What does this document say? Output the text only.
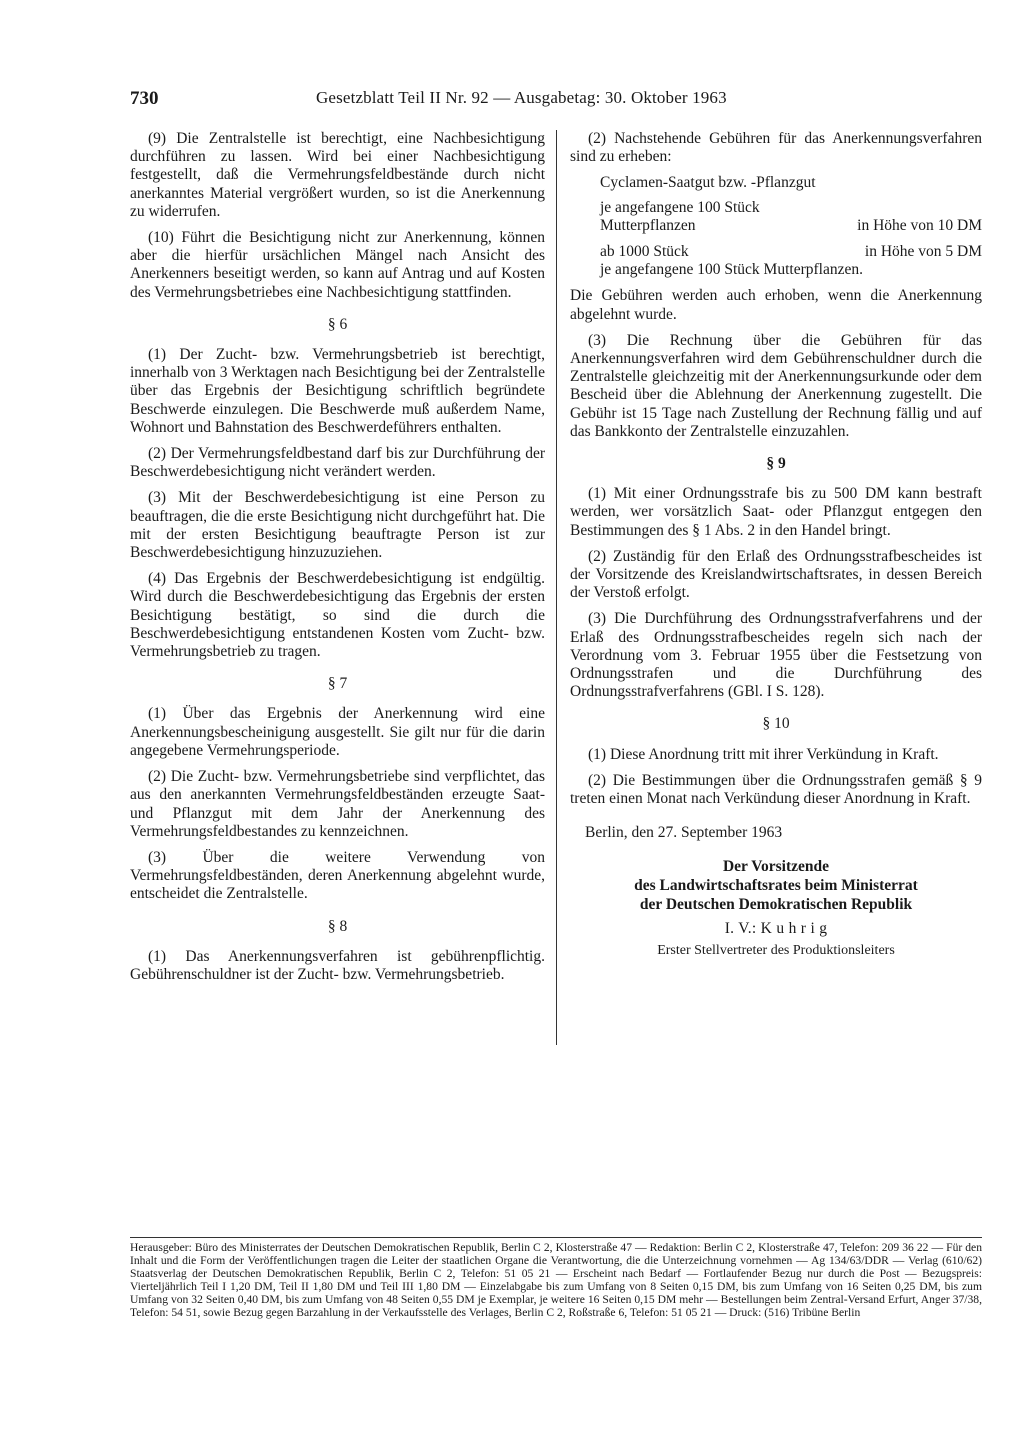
730	Gesetzblatt Teil II Nr. 92 — Ausgabetag: 30. Oktober 1963

(9) Die Zentralstelle ist berechtigt, eine Nachbesichtigung durchführen zu lassen. Wird bei einer Nachbesichtigung festgestellt, daß die Vermehrungsfeldbestände durch nicht anerkanntes Material vergrößert wurden, so ist die Anerkennung zu widerrufen.

(10) Führt die Besichtigung nicht zur Anerkennung, können aber die hierfür ursächlichen Mängel nach Ansicht des Anerkenners beseitigt werden, so kann auf Antrag und auf Kosten des Vermehrungsbetriebes eine Nachbesichtigung stattfinden.

§ 6

(1) Der Zucht- bzw. Vermehrungsbetrieb ist berechtigt, innerhalb von 3 Werktagen nach Besichtigung bei der Zentralstelle über das Ergebnis der Besichtigung schriftlich begründete Beschwerde einzulegen. Die Beschwerde muß außerdem Name, Wohnort und Bahnstation des Beschwerdeführers enthalten.

(2) Der Vermehrungsfeldbestand darf bis zur Durchführung der Beschwerdebesichtigung nicht verändert werden.

(3) Mit der Beschwerdebesichtigung ist eine Person zu beauftragen, die die erste Besichtigung nicht durchgeführt hat. Die mit der ersten Besichtigung beauftragte Person ist zur Beschwerdebesichtigung hinzuzuziehen.

(4) Das Ergebnis der Beschwerdebesichtigung ist endgültig. Wird durch die Beschwerdebesichtigung das Ergebnis der ersten Besichtigung bestätigt, so sind die durch die Beschwerdebesichtigung entstandenen Kosten vom Zucht- bzw. Vermehrungsbetrieb zu tragen.

§ 7

(1) Über das Ergebnis der Anerkennung wird eine Anerkennungsbescheinigung ausgestellt. Sie gilt nur für die darin angegebene Vermehrungsperiode.

(2) Die Zucht- bzw. Vermehrungsbetriebe sind verpflichtet, das aus den anerkannten Vermehrungsfeldbeständen erzeugte Saat- und Pflanzgut mit dem Jahr der Anerkennung des Vermehrungsfeldbestandes zu kennzeichnen.

(3) Über die weitere Verwendung von Vermehrungsfeldbeständen, deren Anerkennung abgelehnt wurde, entscheidet die Zentralstelle.

§ 8

(1) Das Anerkennungsverfahren ist gebührenpflichtig. Gebührenschuldner ist der Zucht- bzw. Vermehrungsbetrieb.

(2) Nachstehende Gebühren für das Anerkennungsverfahren sind zu erheben:

Cyclamen-Saatgut bzw. -Pflanzgut
je angefangene 100 Stück
Mutterpflanzen	in Höhe von 10 DM
ab 1000 Stück	in Höhe von 5 DM
je angefangene 100 Stück Mutterpflanzen.

Die Gebühren werden auch erhoben, wenn die Anerkennung abgelehnt wurde.

(3) Die Rechnung über die Gebühren für das Anerkennungsverfahren wird dem Gebührenschuldner durch die Zentralstelle gleichzeitig mit der Anerkennungsurkunde oder dem Bescheid über die Ablehnung der Anerkennung zugestellt. Die Gebühr ist 15 Tage nach Zustellung der Rechnung fällig und auf das Bankkonto der Zentralstelle einzuzahlen.

§ 9

(1) Mit einer Ordnungsstrafe bis zu 500 DM kann bestraft werden, wer vorsätzlich Saat- oder Pflanzgut entgegen den Bestimmungen des § 1 Abs. 2 in den Handel bringt.

(2) Zuständig für den Erlaß des Ordnungsstrafbescheides ist der Vorsitzende des Kreislandwirtschaftsrates, in dessen Bereich der Verstoß erfolgt.

(3) Die Durchführung des Ordnungsstrafverfahrens und der Erlaß des Ordnungsstrafbescheides regeln sich nach der Verordnung vom 3. Februar 1955 über die Festsetzung von Ordnungsstrafen und die Durchführung des Ordnungsstrafverfahrens (GBl. I S. 128).

§ 10

(1) Diese Anordnung tritt mit ihrer Verkündung in Kraft.

(2) Die Bestimmungen über die Ordnungsstrafen gemäß § 9 treten einen Monat nach Verkündung dieser Anordnung in Kraft.

Berlin, den 27. September 1963

Der Vorsitzende
des Landwirtschaftsrates beim Ministerrat
der Deutschen Demokratischen Republik
I. V.: K u h r i g
Erster Stellvertreter des Produktionsleiters
Herausgeber: Büro des Ministerrates der Deutschen Demokratischen Republik, Berlin C 2, Klosterstraße 47 — Redaktion: Berlin C 2, Klosterstraße 47, Telefon: 209 36 22 — Für den Inhalt und die Form der Veröffentlichungen tragen die Leiter der staatlichen Organe die Verantwortung, die die Unterzeichnung vornehmen — Ag 134/63/DDR — Verlag (610/62) Staatsverlag der Deutschen Demokratischen Republik, Berlin C 2, Telefon: 51 05 21 — Erscheint nach Bedarf — Fortlaufender Bezug nur durch die Post — Bezugspreis: Vierteljährlich Teil I 1,20 DM, Teil II 1,80 DM und Teil III 1,80 DM — Einzelabgabe bis zum Umfang von 8 Seiten 0,15 DM, bis zum Umfang von 16 Seiten 0,25 DM, bis zum Umfang von 32 Seiten 0,40 DM, bis zum Umfang von 48 Seiten 0,55 DM je Exemplar, je weitere 16 Seiten 0,15 DM mehr — Bestellungen beim Zentral-Versand Erfurt, Anger 37/38, Telefon: 54 51, sowie Bezug gegen Barzahlung in der Verkaufsstelle des Verlages, Berlin C 2, Roßstraße 6, Telefon: 51 05 21 — Druck: (516) Tribüne Berlin
